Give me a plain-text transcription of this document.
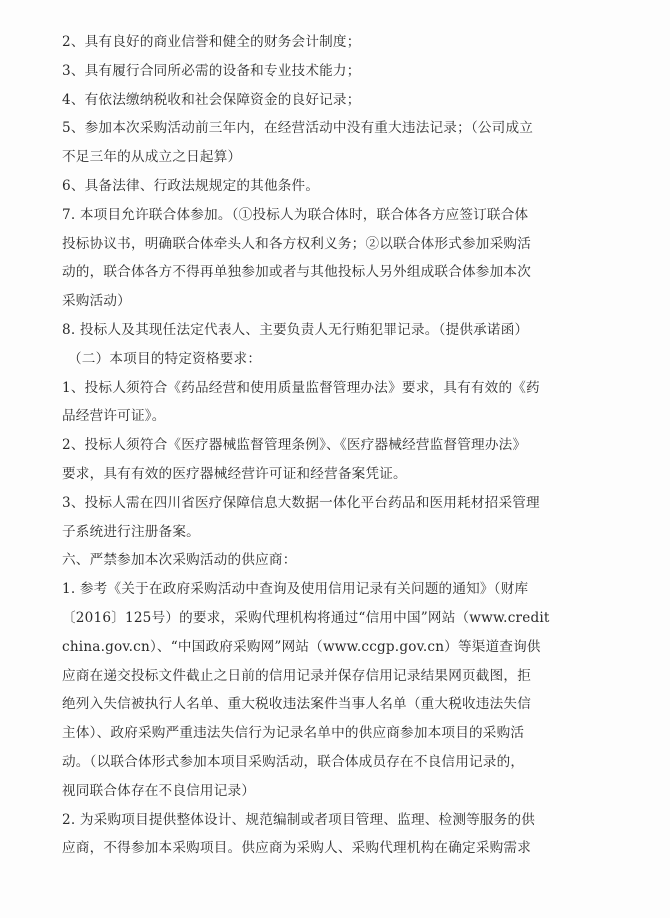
2、具有良好的商业信誉和健全的财务会计制度；
3、具有履行合同所必需的设备和专业技术能力；
4、有依法缴纳税收和社会保障资金的良好记录；
5、参加本次采购活动前三年内，在经营活动中没有重大违法记录；（公司成立
不足三年的从成立之日起算）
6、具备法律、行政法规规定的其他条件。
7. 本项目允许联合体参加。（①投标人为联合体时，联合体各方应签订联合体
投标协议书，明确联合体牵头人和各方权利义务；②以联合体形式参加采购活
动的，联合体各方不得再单独参加或者与其他投标人另外组成联合体参加本次
采购活动）
8. 投标人及其现任法定代表人、主要负责人无行贿犯罪记录。（提供承诺函）
（二）本项目的特定资格要求：
1、投标人须符合《药品经营和使用质量监督管理办法》要求，具有有效的《药
品经营许可证》。
2、投标人须符合《医疗器械监督管理条例》、《医疗器械经营监督管理办法》
要求，具有有效的医疗器械经营许可证和经营备案凭证。
3、投标人需在四川省医疗保障信息大数据一体化平台药品和医用耗材招采管理
子系统进行注册备案。
六、严禁参加本次采购活动的供应商：
1. 参考《关于在政府采购活动中查询及使用信用记录有关问题的通知》（财库
〔2016〕125号）的要求，采购代理机构将通过“信用中国”网站（www.credit
china.gov.cn）、“中国政府采购网”网站（www.ccgp.gov.cn）等渠道查询供
应商在递交投标文件截止之日前的信用记录并保存信用记录结果网页截图，拒
绝列入失信被执行人名单、重大税收违法案件当事人名单（重大税收违法失信
主体）、政府采购严重违法失信行为记录名单中的供应商参加本项目的采购活
动。（以联合体形式参加本项目采购活动，联合体成员存在不良信用记录的，
视同联合体存在不良信用记录）
2. 为采购项目提供整体设计、规范编制或者项目管理、监理、检测等服务的供
应商，不得参加本采购项目。供应商为采购人、采购代理机构在确定采购需求
